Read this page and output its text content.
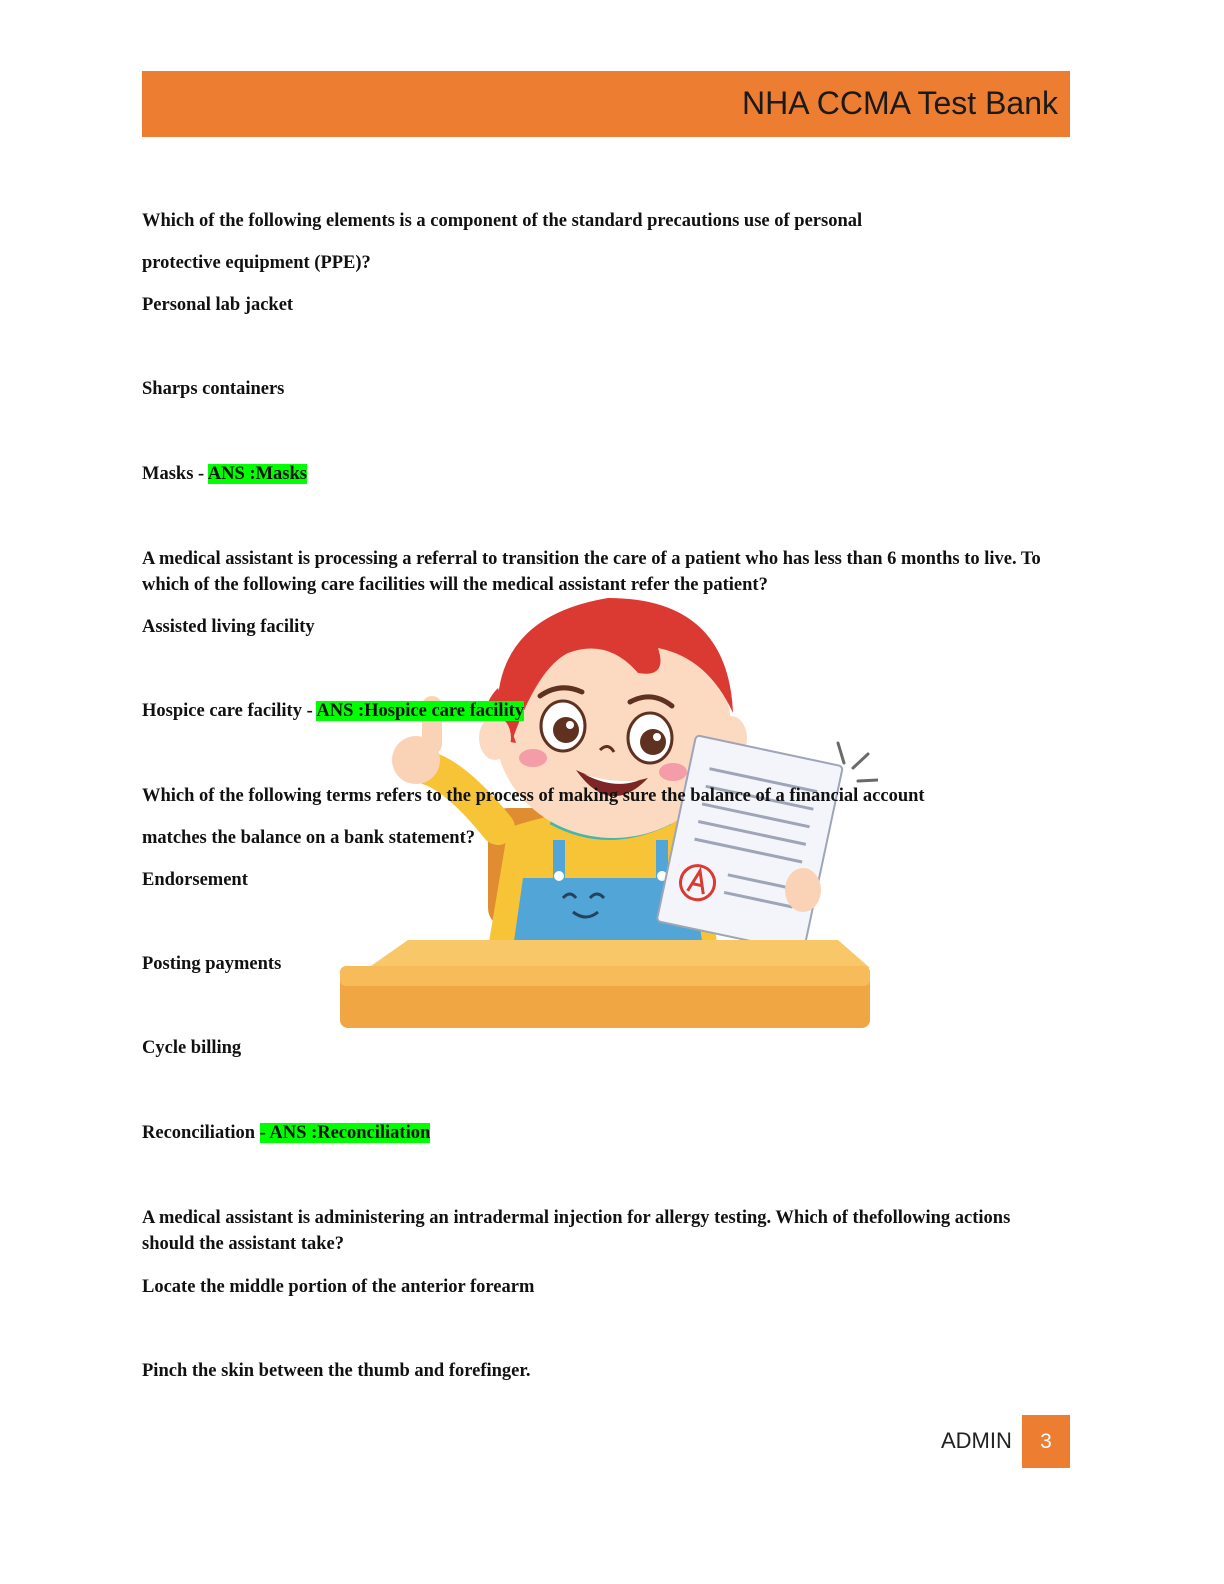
NHA CCMA Test Bank

Which of the following elements is a component of the standard precautions use of personal

protective equipment (PPE)?

Personal lab jacket

Sharps containers

Masks - ANS :Masks

A medical assistant is processing a referral to transition the care of a patient who has less than 6 months to live. To which of the following care facilities will the medical assistant refer the patient?

Assisted living facility

Hospice care facility - ANS :Hospice care facility

Which of the following terms refers to the process of making sure the balance of a financial account

matches the balance on a bank statement?

Endorsement

Posting payments

Cycle billing

Reconciliation - ANS :Reconciliation

A medical assistant is administering an intradermal injection for allergy testing. Which of thefollowing actions should the assistant take?

Locate the middle portion of the anterior forearm

Pinch the skin between the thumb and forefinger.

ADMIN	3
